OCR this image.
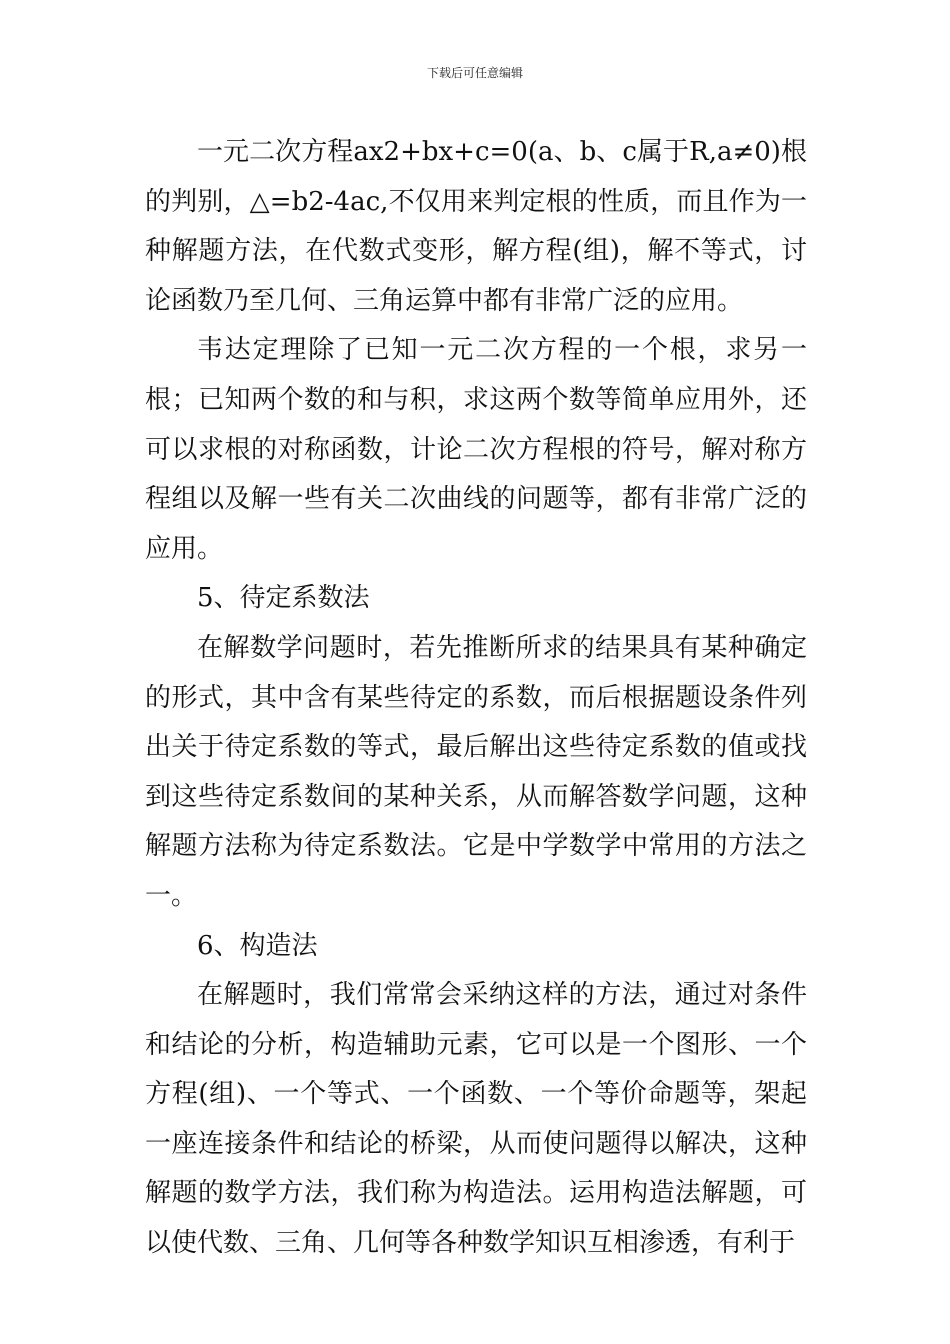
下载后可任意编辑

一元二次方程ax2+bx+c=0(a、b、c属于R,a≠0)根的判别，△=b2-4ac,不仅用来判定根的性质，而且作为一种解题方法，在代数式变形，解方程(组)，解不等式，讨论函数乃至几何、三角运算中都有非常广泛的应用。

韦达定理除了已知一元二次方程的一个根，求另一根；已知两个数的和与积，求这两个数等简单应用外，还可以求根的对称函数，计论二次方程根的符号，解对称方程组以及解一些有关二次曲线的问题等，都有非常广泛的应用。

5、待定系数法

在解数学问题时，若先推断所求的结果具有某种确定的形式，其中含有某些待定的系数，而后根据题设条件列出关于待定系数的等式，最后解出这些待定系数的值或找到这些待定系数间的某种关系，从而解答数学问题，这种解题方法称为待定系数法。它是中学数学中常用的方法之一。

6、构造法

在解题时，我们常常会采纳这样的方法，通过对条件和结论的分析，构造辅助元素，它可以是一个图形、一个方程(组)、一个等式、一个函数、一个等价命题等，架起一座连接条件和结论的桥梁，从而使问题得以解决，这种解题的数学方法，我们称为构造法。运用构造法解题，可以使代数、三角、几何等各种数学知识互相渗透，有利于
